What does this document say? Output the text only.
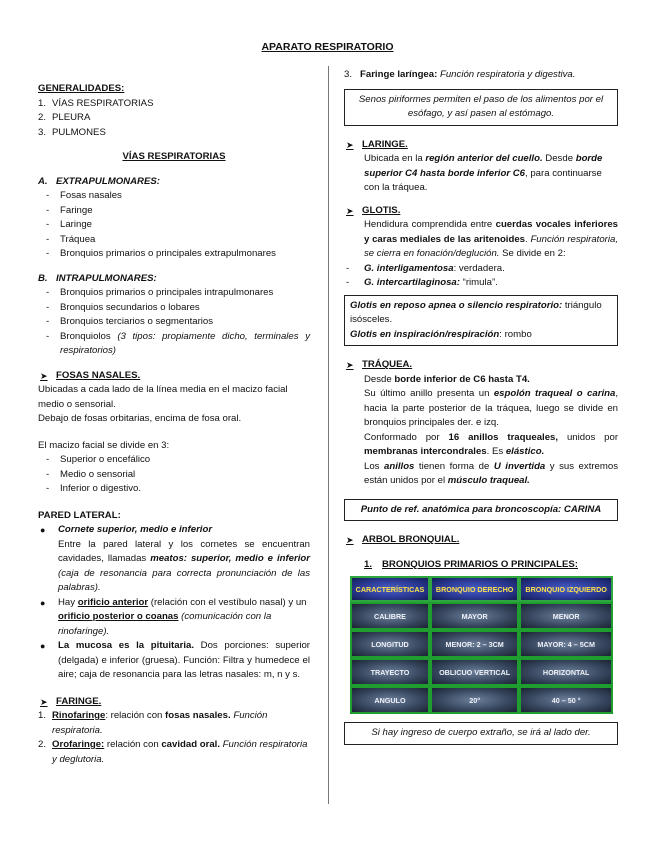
APARATO RESPIRATORIO
GENERALIDADES:
1. VÍAS RESPIRATORIAS
2. PLEURA
3. PULMONES
VÍAS RESPIRATORIAS
A. EXTRAPULMONARES:
-	Fosas nasales
-	Faringe
-	Laringe
-	Tráquea
-	Bronquios primarios o principales extrapulmonares
B. INTRAPULMONARES:
-	Bronquios primarios o principales intrapulmonares
-	Bronquios secundarios o lobares
-	Bronquios terciarios o segmentarios
-	Bronquiolos (3 tipos: propiamente dicho, terminales y respiratorios)
➤ FOSAS NASALES.
Ubicadas a cada lado de la línea media en el macizo facial medio o sensorial.
Debajo de fosas orbitarias, encima de fosa oral.
El macizo facial se divide en 3:
-	Superior o encefálico
-	Medio o sensorial
-	Inferior o digestivo.
PARED LATERAL:
●	Cornete superior, medio e inferior
Entre la pared lateral y los cornetes se encuentran cavidades, llamadas meatos: superior, medio e inferior (caja de resonancia para correcta pronunciación de las palabras).
●	Hay orificio anterior (relación con el vestíbulo nasal) y un orificio posterior o coanas (comunicación con la rinofaringe).
●	La mucosa es la pituitaria. Dos porciones: superior (delgada) e inferior (gruesa). Función: Filtra y humedece el aire; caja de resonancia para las letras nasales: m, n y s.
➤ FARINGE.
1. Rinofaringe: relación con fosas nasales. Función respiratoria.
2. Orofaringe: relación con cavidad oral. Función respiratoria y deglutoria.
3. Faringe laríngea: Función respiratoria y digestiva.
Senos piriformes permiten el paso de los alimentos por el esófago, y así pasen al estómago.
➤ LARINGE.
Ubicada en la región anterior del cuello. Desde borde superior C4 hasta borde inferior C6, para continuarse con la tráquea.
➤ GLOTIS.
Hendidura comprendida entre cuerdas vocales inferiores y caras mediales de las aritenoides. Función respiratoria, se cierra en fonación/deglución. Se divide en 2:
-	G. interligamentosa: verdadera.
-	G. intercartilaginosa: “rimula”.
Glotis en reposo apnea o silencio respiratorio: triángulo isósceles.
Glotis en inspiración/respiración: rombo
➤ TRÁQUEA.
Desde borde inferior de C6 hasta T4.
Su último anillo presenta un espolón traqueal o carina, hacia la parte posterior de la tráquea, luego se divide en bronquios principales der. e izq.
Conformado por 16 anillos traqueales, unidos por membranas intercondrales. Es elástico.
Los anillos tienen forma de U invertida y sus extremos están unidos por el músculo traqueal.
Punto de ref. anatómica para broncoscopía: CARINA
➤ ARBOL BRONQUIAL.
1.	BRONQUIOS PRIMARIOS O PRINCIPALES:
CARACTERÍSTICAS	BRONQUIO DERECHO	BRONQUIO IZQUIERDO
CALIBRE	MAYOR	MENOR
LONGITUD	MENOR: 2 – 3CM	MAYOR: 4 – 5CM
TRAYECTO	OBLICUO VERTICAL	HORIZONTAL
ANGULO	20°	40 – 50 °
Si hay ingreso de cuerpo extraño, se irá al lado der.
